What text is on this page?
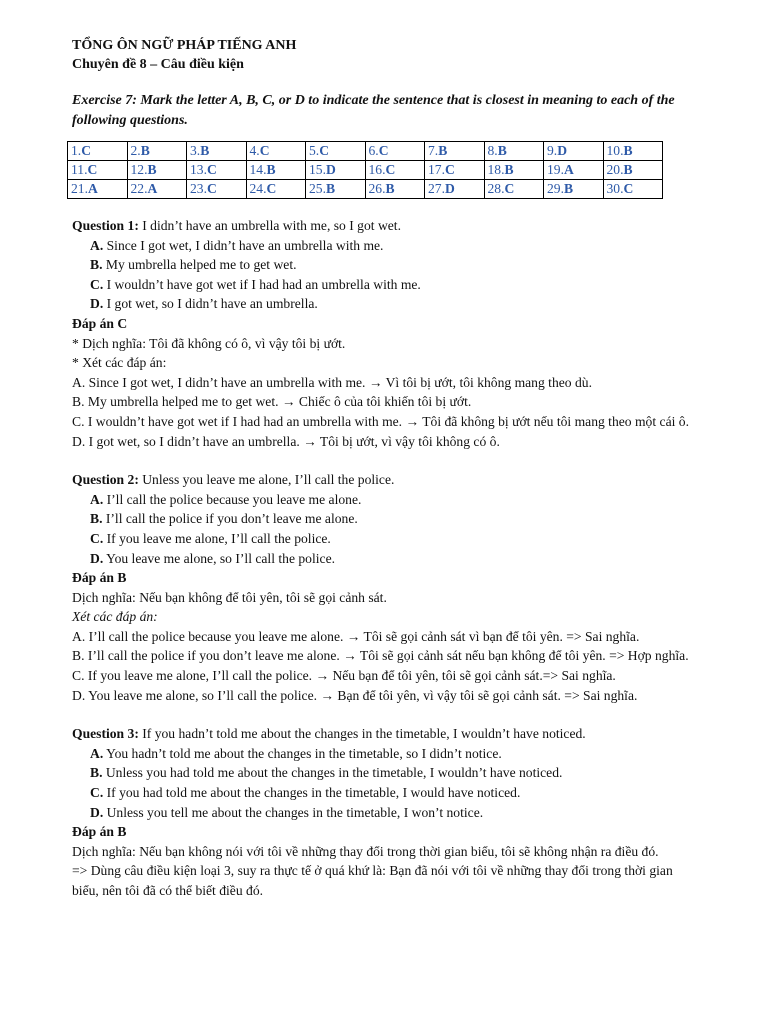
TỔNG ÔN NGỮ PHÁP TIẾNG ANH
Chuyên đề 8 – Câu điều kiện
Exercise 7: Mark the letter A, B, C, or D to indicate the sentence that is closest in meaning to each of the following questions.
1.C	2.B	3.B	4.C	5.C	6.C	7.B	8.B	9.D	10.B
11.C	12.B	13.C	14.B	15.D	16.C	17.C	18.B	19.A	20.B
21.A	22.A	23.C	24.C	25.B	26.B	27.D	28.C	29.B	30.C
Question 1: I didn’t have an umbrella with me, so I got wet.
A. Since I got wet, I didn’t have an umbrella with me.
B. My umbrella helped me to get wet.
C. I wouldn’t have got wet if I had had an umbrella with me.
D. I got wet, so I didn’t have an umbrella.
Đáp án C
* Dịch nghĩa: Tôi đã không có ô, vì vậy tôi bị ướt.
* Xét các đáp án:
A. Since I got wet, I didn’t have an umbrella with me. → Vì tôi bị ướt, tôi không mang theo dù.
B. My umbrella helped me to get wet. → Chiếc ô của tôi khiến tôi bị ướt.
C. I wouldn’t have got wet if I had had an umbrella with me. → Tôi đã không bị ướt nếu tôi mang theo một cái ô.
D. I got wet, so I didn’t have an umbrella. → Tôi bị ướt, vì vậy tôi không có ô.
Question 2: Unless you leave me alone, I’ll call the police.
A. I’ll call the police because you leave me alone.
B. I’ll call the police if you don’t leave me alone.
C. If you leave me alone, I’ll call the police.
D. You leave me alone, so I’ll call the police.
Đáp án B
Dịch nghĩa: Nếu bạn không để tôi yên, tôi sẽ gọi cảnh sát.
Xét các đáp án:
A. I’ll call the police because you leave me alone. → Tôi sẽ gọi cảnh sát vì bạn để tôi yên. => Sai nghĩa.
B. I’ll call the police if you don’t leave me alone. → Tôi sẽ gọi cảnh sát nếu bạn không để tôi yên. => Hợp nghĩa.
C. If you leave me alone, I’ll call the police. → Nếu bạn để tôi yên, tôi sẽ gọi cảnh sát.=> Sai nghĩa.
D. You leave me alone, so I’ll call the police. → Bạn để tôi yên, vì vậy tôi sẽ gọi cảnh sát. => Sai nghĩa.
Question 3: If you hadn’t told me about the changes in the timetable, I wouldn’t have noticed.
A. You hadn’t told me about the changes in the timetable, so I didn’t notice.
B. Unless you had told me about the changes in the timetable, I wouldn’t have noticed.
C. If you had told me about the changes in the timetable, I would have noticed.
D. Unless you tell me about the changes in the timetable, I won’t notice.
Đáp án B
Dịch nghĩa: Nếu bạn không nói với tôi về những thay đổi trong thời gian biểu, tôi sẽ không nhận ra điều đó.
=> Dùng câu điều kiện loại 3, suy ra thực tế ở quá khứ là: Bạn đã nói với tôi về những thay đổi trong thời gian biểu, nên tôi đã có thể biết điều đó.
